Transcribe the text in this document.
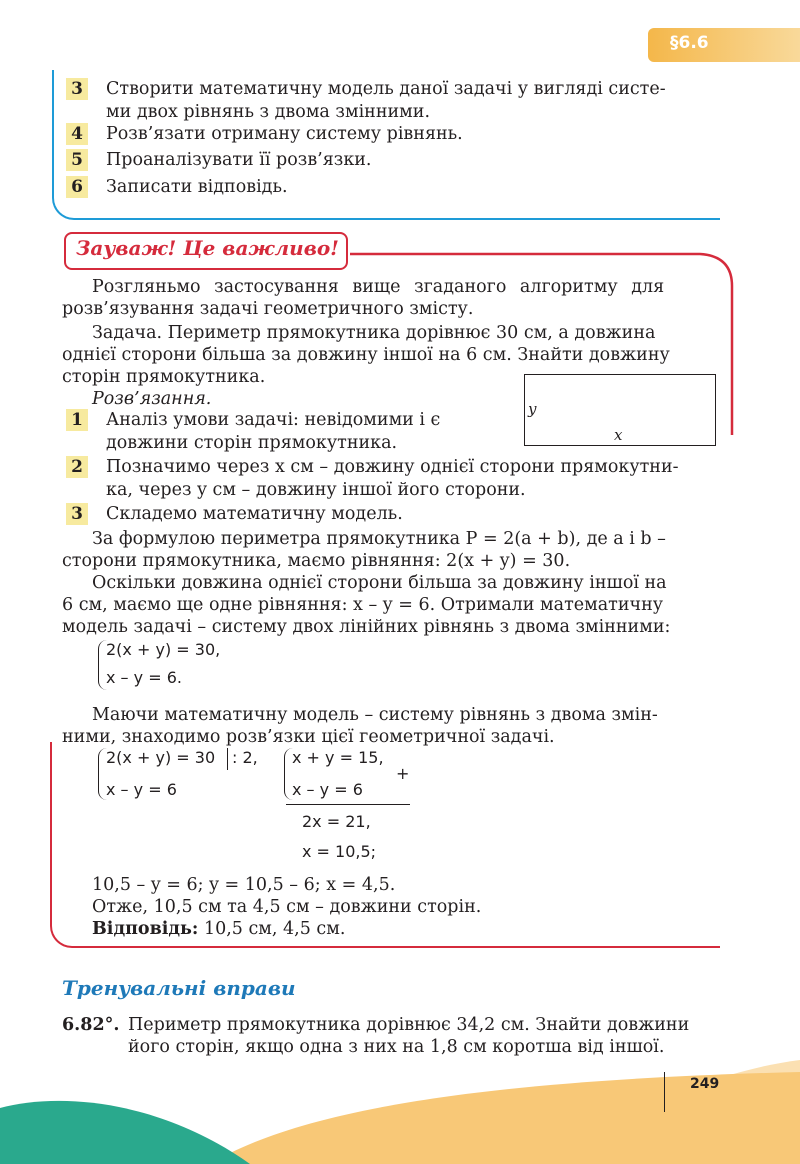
§6.6
3 Створити математичну модель даної задачі у вигляді систе-
ми двох рівнянь з двома змінними.
4 Розв’язати отриману систему рівнянь.
5 Проаналізувати її розв’язки.
6 Записати відповідь.
Зауваж! Це важливо!
Розгляньмо застосування вище згаданого алгоритму для
розв’язування задачі геометричного змісту.
Задача. Периметр прямокутника дорівнює 30 см, а довжина
однієї сторони більша за довжину іншої на 6 см. Знайти довжину
сторін прямокутника.
Розв’язання.	y
x
1 Аналіз умови задачі: невідомими і є
довжини сторін прямокутника.
2 Позначимо через x см – довжину однієї сторони прямокутни-
ка, через y см – довжину іншої його сторони.
3 Складемо математичну модель.
За формулою периметра прямокутника P = 2(a + b), де a і b –
сторони прямокутника, маємо рівняння: 2(x + y) = 30.
Оскільки довжина однієї сторони більша за довжину іншої на
6 см, маємо ще одне рівняння: x – y = 6. Отримали математичну
модель задачі – систему двох лінійних рівнянь з двома змінними:
2(x + y) = 30,
x – y = 6.
Маючи математичну модель – систему рівнянь з двома змін-
ними, знаходимо розв’язки цієї геометричної задачі.
2(x + y) = 30 : 2,
x – y = 6
x + y = 15,
x – y = 6
+
2x = 21,
x = 10,5;
10,5 – y = 6; y = 10,5 – 6; x = 4,5.
Отже, 10,5 см та 4,5 см – довжини сторін.
Відповідь: 10,5 см, 4,5 см.
Тренувальні вправи
6.82°. Периметр прямокутника дорівнює 34,2 см. Знайти довжини
його сторін, якщо одна з них на 1,8 см коротша від іншої.
249
